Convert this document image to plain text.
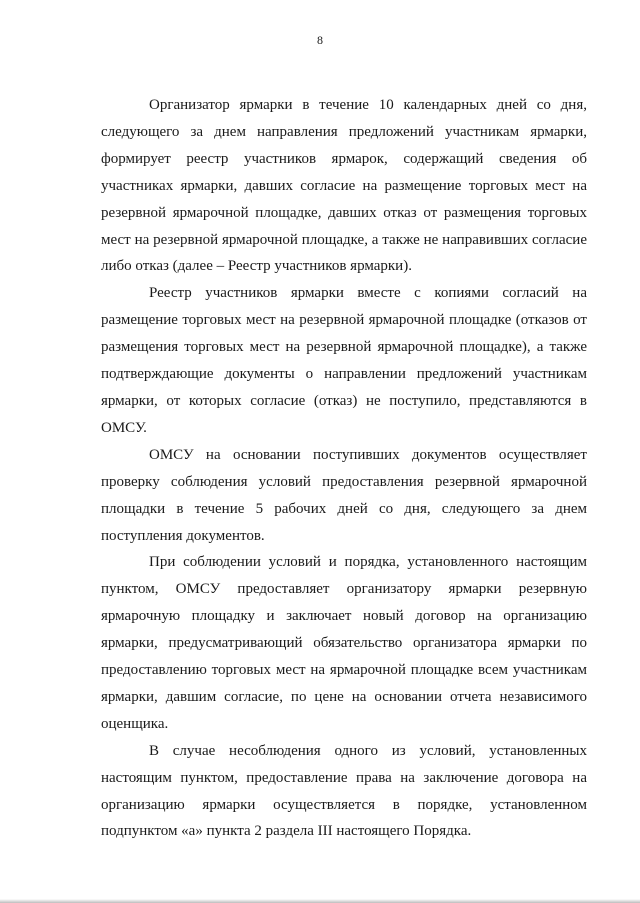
8

Организатор ярмарки в течение 10 календарных дней со дня, следующего за днем направления предложений участникам ярмарки, формирует реестр участников ярмарок, содержащий сведения об участниках ярмарки, давших согласие на размещение торговых мест на резервной ярмарочной площадке, давших отказ от размещения торговых мест на резервной ярмарочной площадке, а также не направивших согласие либо отказ (далее – Реестр участников ярмарки).

Реестр участников ярмарки вместе с копиями согласий на размещение торговых мест на резервной ярмарочной площадке (отказов от размещения торговых мест на резервной ярмарочной площадке), а также подтверждающие документы о направлении предложений участникам ярмарки, от которых согласие (отказ) не поступило, представляются в ОМСУ.

ОМСУ на основании поступивших документов осуществляет проверку соблюдения условий предоставления резервной ярмарочной площадки в течение 5 рабочих дней со дня, следующего за днем поступления документов.

При соблюдении условий и порядка, установленного настоящим пунктом, ОМСУ предоставляет организатору ярмарки резервную ярмарочную площадку и заключает новый договор на организацию ярмарки, предусматривающий обязательство организатора ярмарки по предоставлению торговых мест на ярмарочной площадке всем участникам ярмарки, давшим согласие, по цене на основании отчета независимого оценщика.

В случае несоблюдения одного из условий, установленных настоящим пунктом, предоставление права на заключение договора на организацию ярмарки осуществляется в порядке, установленном подпунктом «а» пункта 2 раздела III настоящего Порядка.
